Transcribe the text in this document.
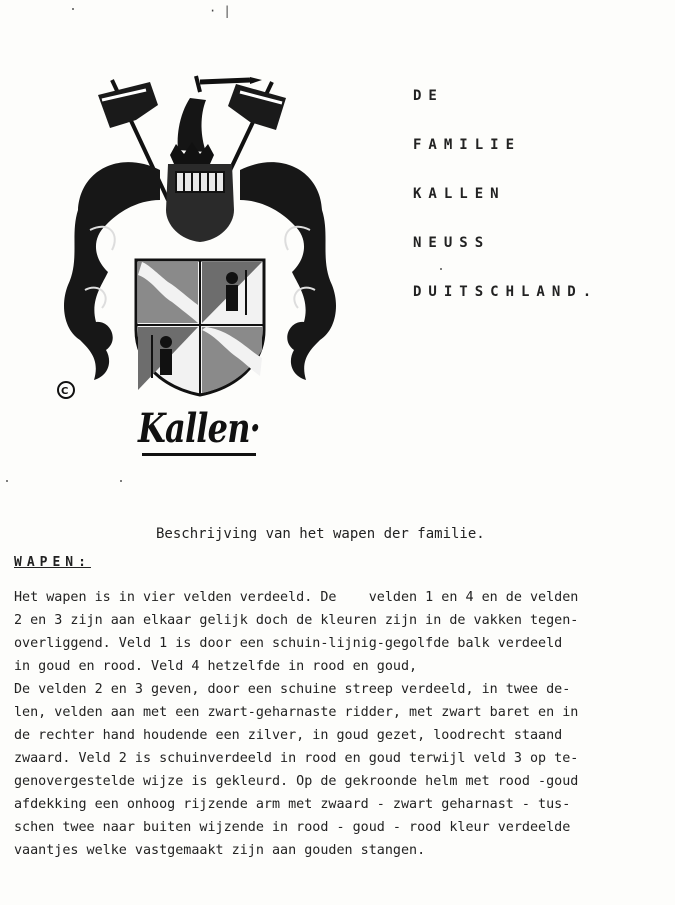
· |
C
Kallen·
DE
FAMILIE
KALLEN
NEUSS
DUITSCHLAND.
Beschrijving van het wapen der familie.
WAPEN:
Het wapen is in vier velden verdeeld. De    velden 1 en 4 en de velden
2 en 3 zijn aan elkaar gelijk doch de kleuren zijn in de vakken tegen-
overliggend. Veld 1 is door een schuin-lijnig-gegolfde balk verdeeld
in goud en rood. Veld 4 hetzelfde in rood en goud,
De velden 2 en 3 geven, door een schuine streep verdeeld, in twee de-
len, velden aan met een zwart-geharnaste ridder, met zwart baret en in
de rechter hand houdende een zilver, in goud gezet, loodrecht staand
zwaard. Veld 2 is schuinverdeeld in rood en goud terwijl veld 3 op te-
genovergestelde wijze is gekleurd. Op de gekroonde helm met rood -goud
afdekking een onhoog rijzende arm met zwaard - zwart geharnast - tus-
schen twee naar buiten wijzende in rood - goud - rood kleur verdeelde
vaantjes welke vastgemaakt zijn aan gouden stangen.
